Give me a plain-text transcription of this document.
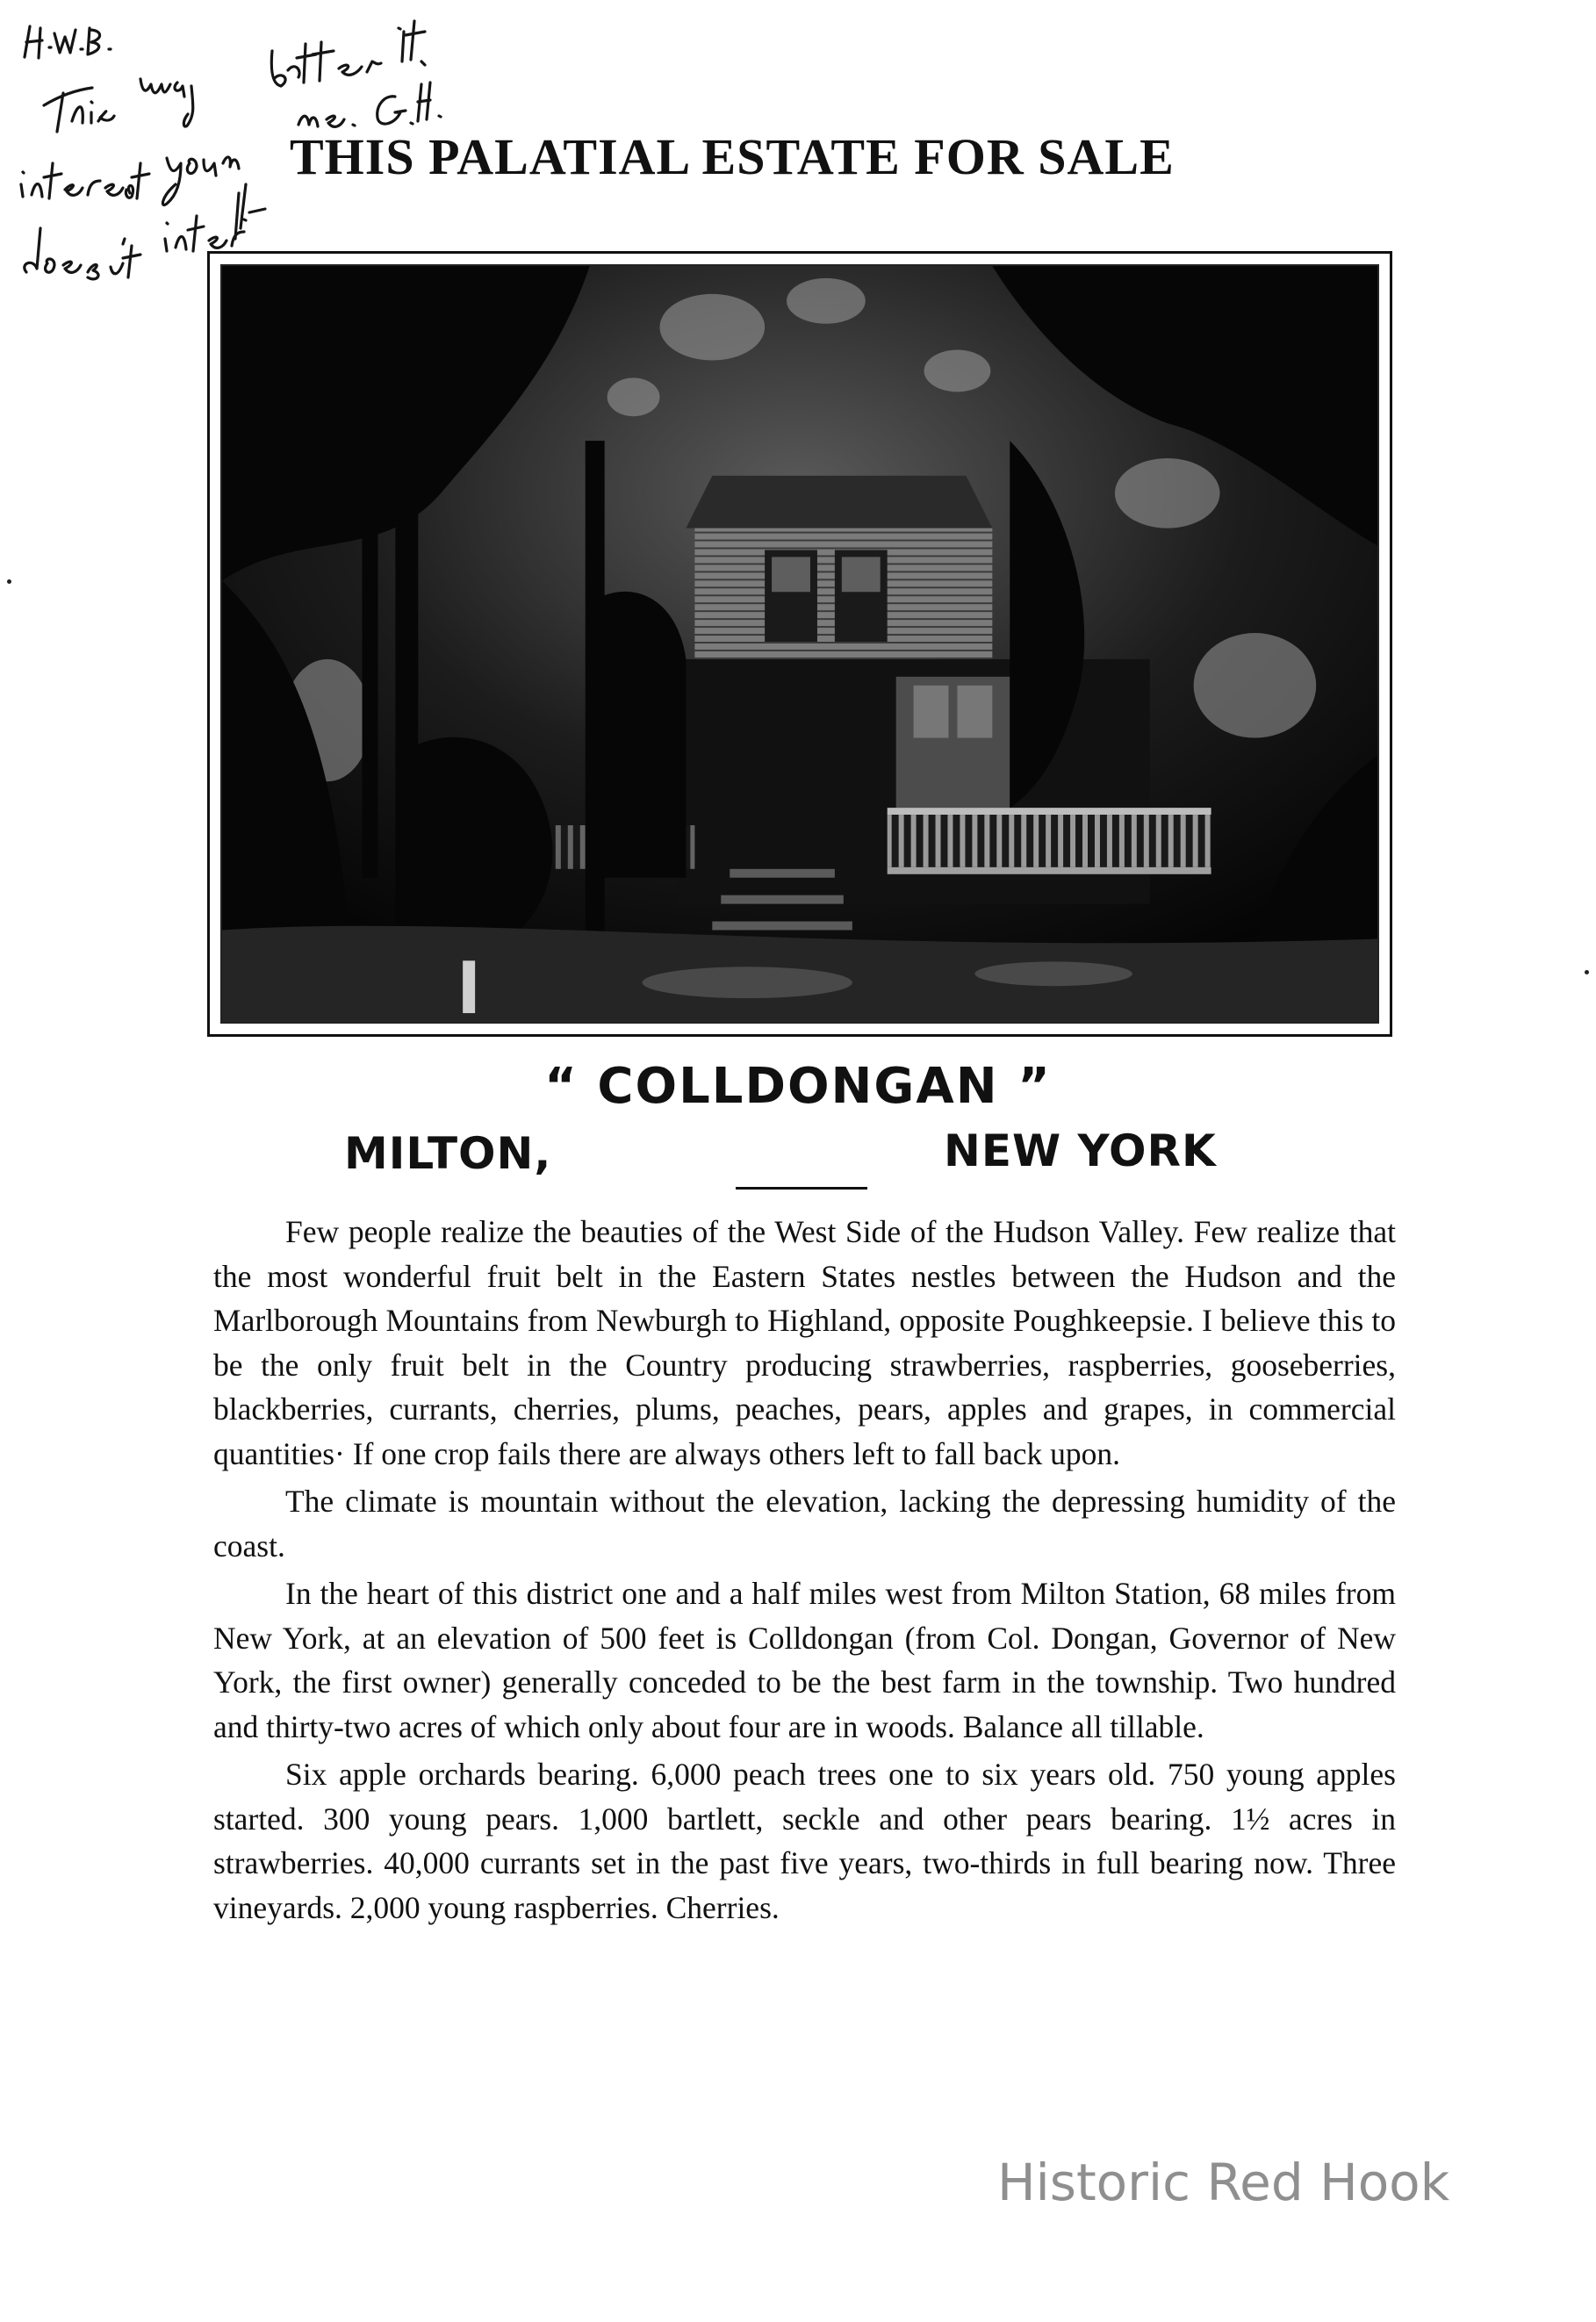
THIS PALATIAL ESTATE FOR SALE
“ COLLDONGAN ”
MILTON,	NEW YORK

Few people realize the beauties of the West Side of the Hudson Valley. Few realize that the most wonderful fruit belt in the Eastern States nestles between the Hudson and the Marlborough Mountains from Newburgh to Highland, opposite Poughkeepsie. I believe this to be the only fruit belt in the Country producing strawberries, raspberries, gooseberries, blackberries, currants, cherries, plums, peaches, pears, apples and grapes, in commercial quantities· If one crop fails there are always others left to fall back upon.

The climate is mountain without the elevation, lacking the depressing humidity of the coast.

In the heart of this district one and a half miles west from Milton Station, 68 miles from New York, at an elevation of 500 feet is Colldongan (from Col. Dongan, Governor of New York, the first owner) generally conceded to be the best farm in the township. Two hundred and thirty-two acres of which only about four are in woods. Balance all tillable.

Six apple orchards bearing. 6,000 peach trees one to six years old. 750 young apples started. 300 young pears. 1,000 bartlett, seckle and other pears bearing. 1½ acres in strawberries. 40,000 currants set in the past five years, two-thirds in full bearing now. Three vineyards. 2,000 young raspberries. Cherries.

Historic Red Hook
